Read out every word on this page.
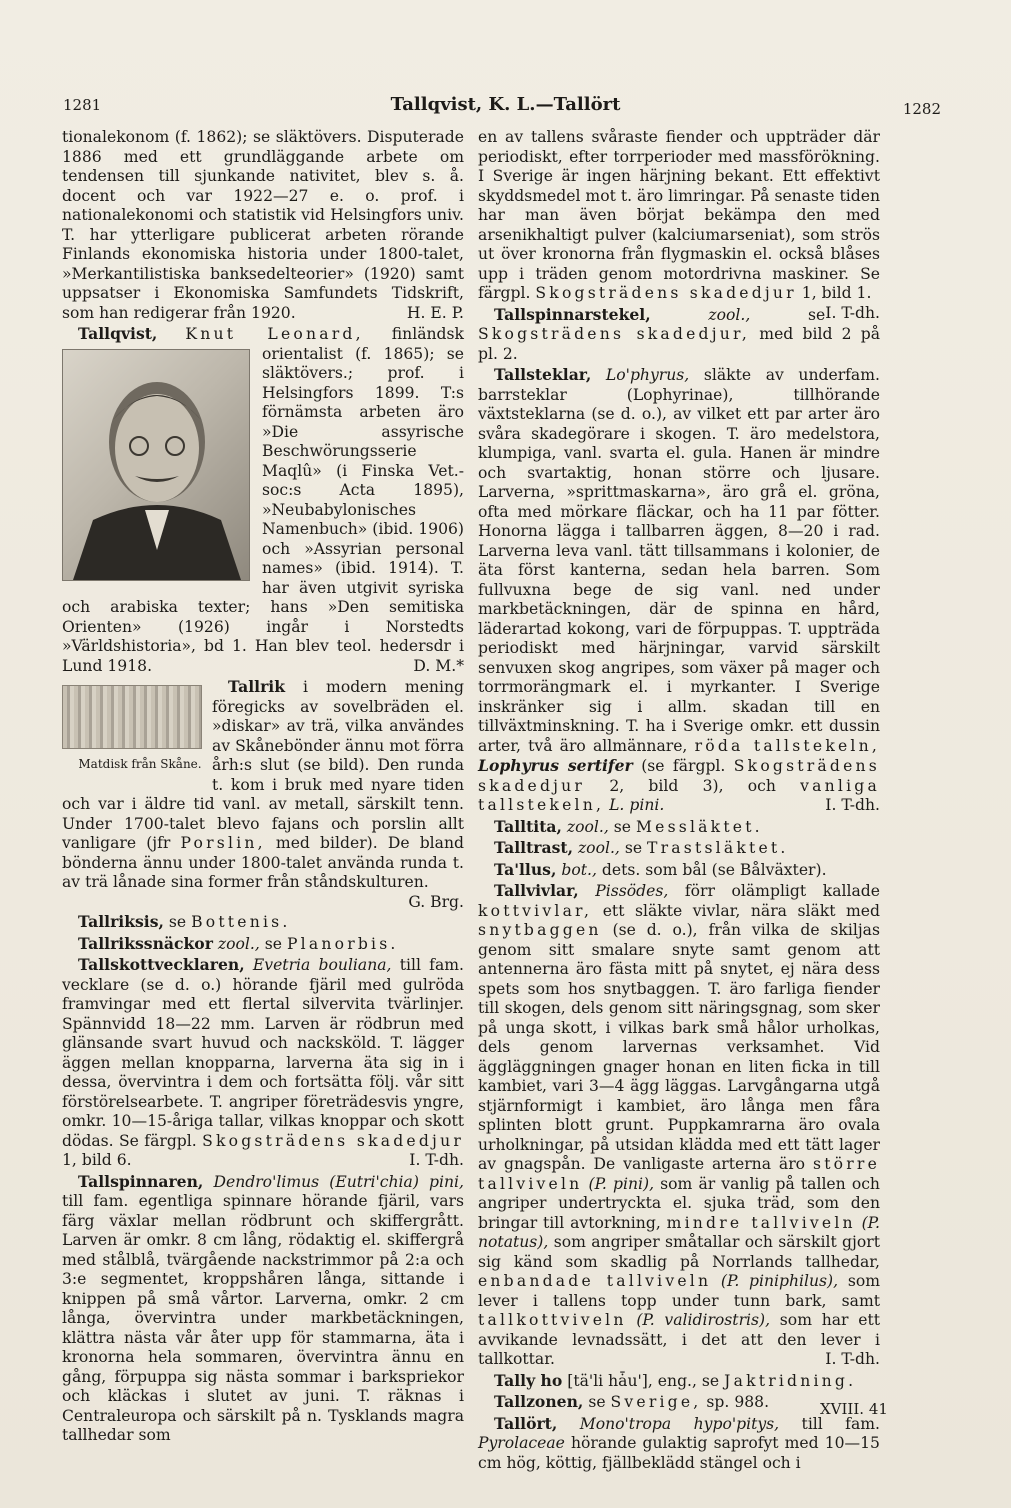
1281	Tallqvist, K. L.—Tallört	1282

tionalekonom (f. 1862); se släktövers. Disputerade 1886 med ett grundläggande arbete om tendensen till sjunkande nativitet, blev s. å. docent och var 1922—27 e. o. prof. i nationalekonomi och statistik vid Helsingfors univ. T. har ytterligare publicerat arbeten rörande Finlands ekonomiska historia under 1800-talet, »Merkantilistiska banksedelteorier» (1920) samt uppsatser i Ekonomiska Samfundets Tidskrift, som han redigerar från 1920.	H. E. P.

Tallqvist, Knut Leonard, finländsk orientalist (f. 1865); se släktövers.; prof. i Helsingfors 1899. T:s förnämsta arbeten äro »Die assyrische Beschwörungsserie Maqlû» (i Finska Vet.-soc:s Acta 1895), »Neubabylonisches Namenbuch» (ibid. 1906) och »Assyrian personal names» (ibid. 1914). T. har även utgivit syriska och arabiska texter; hans »Den semitiska Orienten» (1926) ingår i Norstedts »Världshistoria», bd 1. Han blev teol. hedersdr i Lund 1918.	D. M.*

Tallrik
Matdisk från Skåne.
i modern mening föregicks av sovelbräden el. »diskar» av trä, vilka användes av Skånebönder ännu mot förra årh:s slut (se bild). Den runda t. kom i bruk med nyare tiden och var i äldre tid vanl. av metall, särskilt tenn. Under 1700-talet blevo fajans och porslin allt vanligare (jfr Porslin, med bilder). De bland bönderna ännu under 1800-talet använda runda t. av trä lånade sina former från ståndskulturen.
G. Brg.

Tallriksis, se Bottenis.

Tallrikssnäckor zool., se Planorbis.

Tallskottvecklaren, Evetria bouliana, till fam. vecklare (se d. o.) hörande fjäril med gulröda framvingar med ett flertal silvervita tvärlinjer. Spännvidd 18—22 mm. Larven är rödbrun med glänsande svart huvud och nacksköld. T. lägger äggen mellan knopparna, larverna äta sig in i dessa, övervintra i dem och fortsätta följ. vår sitt förstörelsearbete. T. angriper företrädesvis yngre, omkr. 10—15-åriga tallar, vilkas knoppar och skott dödas. Se färgpl. Skogsträdens skadedjur 1, bild 6.	I. T-dh.

Tallspinnaren, Dendro'limus (Eutri'chia) pini, till fam. egentliga spinnare hörande fjäril, vars färg växlar mellan rödbrunt och skiffergrått. Larven är omkr. 8 cm lång, rödaktig el. skiffergrå med stålblå, tvärgående nackstrimmor på 2:a och 3:e segmentet, kroppshåren långa, sittande i knippen på små vårtor. Larverna, omkr. 2 cm långa, övervintra under markbetäckningen, klättra nästa vår åter upp för stammarna, äta i kronorna hela sommaren, övervintra ännu en gång, förpuppa sig nästa sommar i barkspriekor och kläckas i slutet av juni. T. räknas i Centraleuropa och särskilt på n. Tysklands magra tallhedar som

en av tallens svåraste fiender och uppträder där periodiskt, efter torrperioder med massförökning. I Sverige är ingen härjning bekant. Ett effektivt skyddsmedel mot t. äro limringar. På senaste tiden har man även börjat bekämpa den med arsenikhaltigt pulver (kalciumarseniat), som strös ut över kronorna från flygmaskin el. också blåses upp i träden genom motordrivna maskiner. Se färgpl. Skogsträdens skadedjur 1, bild 1.
I. T-dh.

Tallspinnarstekel,	zool.,	se Skogsträdens skadedjur, med bild 2 på pl. 2.

Tallsteklar, Lo'phyrus, släkte av underfam. barrsteklar (Lophyrinae), tillhörande växtsteklarna (se d. o.), av vilket ett par arter äro svåra skadegörare i skogen. T. äro medelstora, klumpiga, vanl. svarta el. gula. Hanen är mindre och svartaktig, honan större och ljusare. Larverna, »sprittmaskarna», äro grå el. gröna, ofta med mörkare fläckar, och ha 11 par fötter. Honorna lägga i tallbarren äggen, 8—20 i rad. Larverna leva vanl. tätt tillsammans i kolonier, de äta först kanterna, sedan hela barren. Som fullvuxna bege de sig vanl. ned under markbetäckningen, där de spinna en hård, läderartad kokong, vari de förpuppas. T. uppträda periodiskt med härjningar, varvid särskilt senvuxen skog angripes, som växer på mager och torrmorängmark el. i myrkanter. I Sverige inskränker sig i allm. skadan till en tillväxtminskning. T. ha i Sverige omkr. ett dussin arter, två äro allmännare, röda tallstekeln, Lophyrus sertifer (se färgpl. Skogsträdens skadedjur 2, bild 3), och vanliga tallstekeln, L. pini.	I. T-dh.

Talltita, zool., se Messläktet.

Talltrast, zool., se Trastsläktet.

Ta'llus, bot., dets. som bål (se Bålväxter).

Tallvivlar, Pissödes, förr olämpligt kallade kottvivlar, ett släkte vivlar, nära släkt med snytbaggen (se d. o.), från vilka de skiljas genom sitt smalare snyte samt genom att antennerna äro fästa mitt på snytet, ej nära dess spets som hos snytbaggen. T. äro farliga fiender till skogen, dels genom sitt näringsgnag, som sker på unga skott, i vilkas bark små hålor urholkas, dels genom larvernas verksamhet. Vid äggläggningen gnager honan en liten ficka in till kambiet, vari 3—4 ägg läggas. Larvgångarna utgå stjärnformigt i kambiet, äro långa men fåra splinten blott grunt. Puppkamrarna äro ovala urholkningar, på utsidan klädda med ett tätt lager av gnagspån. De vanligaste arterna äro större tallviveln (P. pini), som är vanlig på tallen och angriper undertryckta el. sjuka träd, som den bringar till avtorkning, mindre tallviveln (P. notatus), som angriper småtallar och särskilt gjort sig känd som skadlig på Norrlands tallhedar, enbandade tallviveln (P. piniphilus), som lever i tallens topp under tunn bark, samt tallkottviveln (P. validirostris), som har ett avvikande levnadssätt, i det att den lever i tallkottar.	I. T-dh.

Tally ho [tä'li hǡu'], eng., se Jaktridning.

Tallzonen, se Sverige, sp. 988.

Tallört, Mono'tropa hypo'pitys, till fam. Pyrolaceae hörande gulaktig saprofyt med 10—15 cm hög, köttig, fjällbeklädd stängel och i

XVIII. 41
